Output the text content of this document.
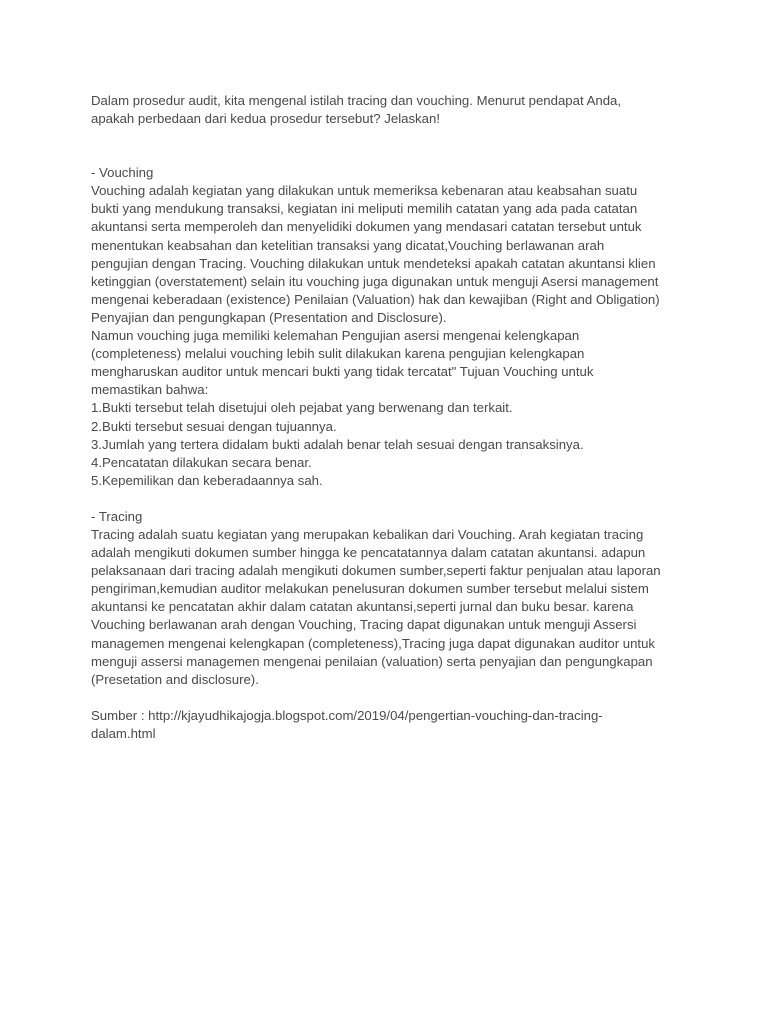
Dalam prosedur audit, kita mengenal istilah tracing dan vouching. Menurut pendapat Anda, apakah perbedaan dari kedua prosedur tersebut? Jelaskan!

- Vouching

Vouching adalah kegiatan yang dilakukan untuk memeriksa kebenaran atau keabsahan suatu bukti yang mendukung transaksi, kegiatan ini meliputi memilih catatan yang ada pada catatan akuntansi serta memperoleh dan menyelidiki dokumen yang mendasari catatan tersebut untuk menentukan keabsahan dan ketelitian transaksi yang dicatat,Vouching berlawanan arah pengujian dengan Tracing. Vouching dilakukan untuk mendeteksi apakah catatan akuntansi klien ketinggian (overstatement) selain itu vouching juga digunakan untuk menguji Asersi management mengenai keberadaan (existence) Penilaian (Valuation) hak dan kewajiban (Right and Obligation) Penyajian dan pengungkapan (Presentation and Disclosure).

Namun vouching juga memiliki kelemahan Pengujian asersi mengenai kelengkapan (completeness) melalui vouching lebih sulit dilakukan karena pengujian kelengkapan mengharuskan auditor untuk mencari bukti yang tidak tercatat" Tujuan Vouching untuk memastikan bahwa:

1.Bukti tersebut telah disetujui oleh pejabat yang berwenang dan terkait.
2.Bukti tersebut sesuai dengan tujuannya.
3.Jumlah yang tertera didalam bukti adalah benar telah sesuai dengan transaksinya.
4.Pencatatan dilakukan secara benar.
5.Kepemilikan dan keberadaannya sah.

- Tracing

Tracing adalah suatu kegiatan yang merupakan kebalikan dari Vouching. Arah kegiatan tracing adalah mengikuti dokumen sumber hingga ke pencatatannya dalam catatan akuntansi. adapun pelaksanaan dari tracing adalah mengikuti dokumen sumber,seperti faktur penjualan atau laporan pengiriman,kemudian auditor melakukan penelusuran dokumen sumber tersebut melalui sistem akuntansi ke pencatatan akhir dalam catatan akuntansi,seperti jurnal dan buku besar. karena Vouching berlawanan arah dengan Vouching, Tracing dapat digunakan untuk menguji Assersi managemen mengenai kelengkapan (completeness),Tracing juga dapat digunakan auditor untuk menguji assersi managemen mengenai penilaian (valuation) serta penyajian dan pengungkapan (Presetation and disclosure).

Sumber : http://kjayudhikajogja.blogspot.com/2019/04/pengertian-vouching-dan-tracing-dalam.html
